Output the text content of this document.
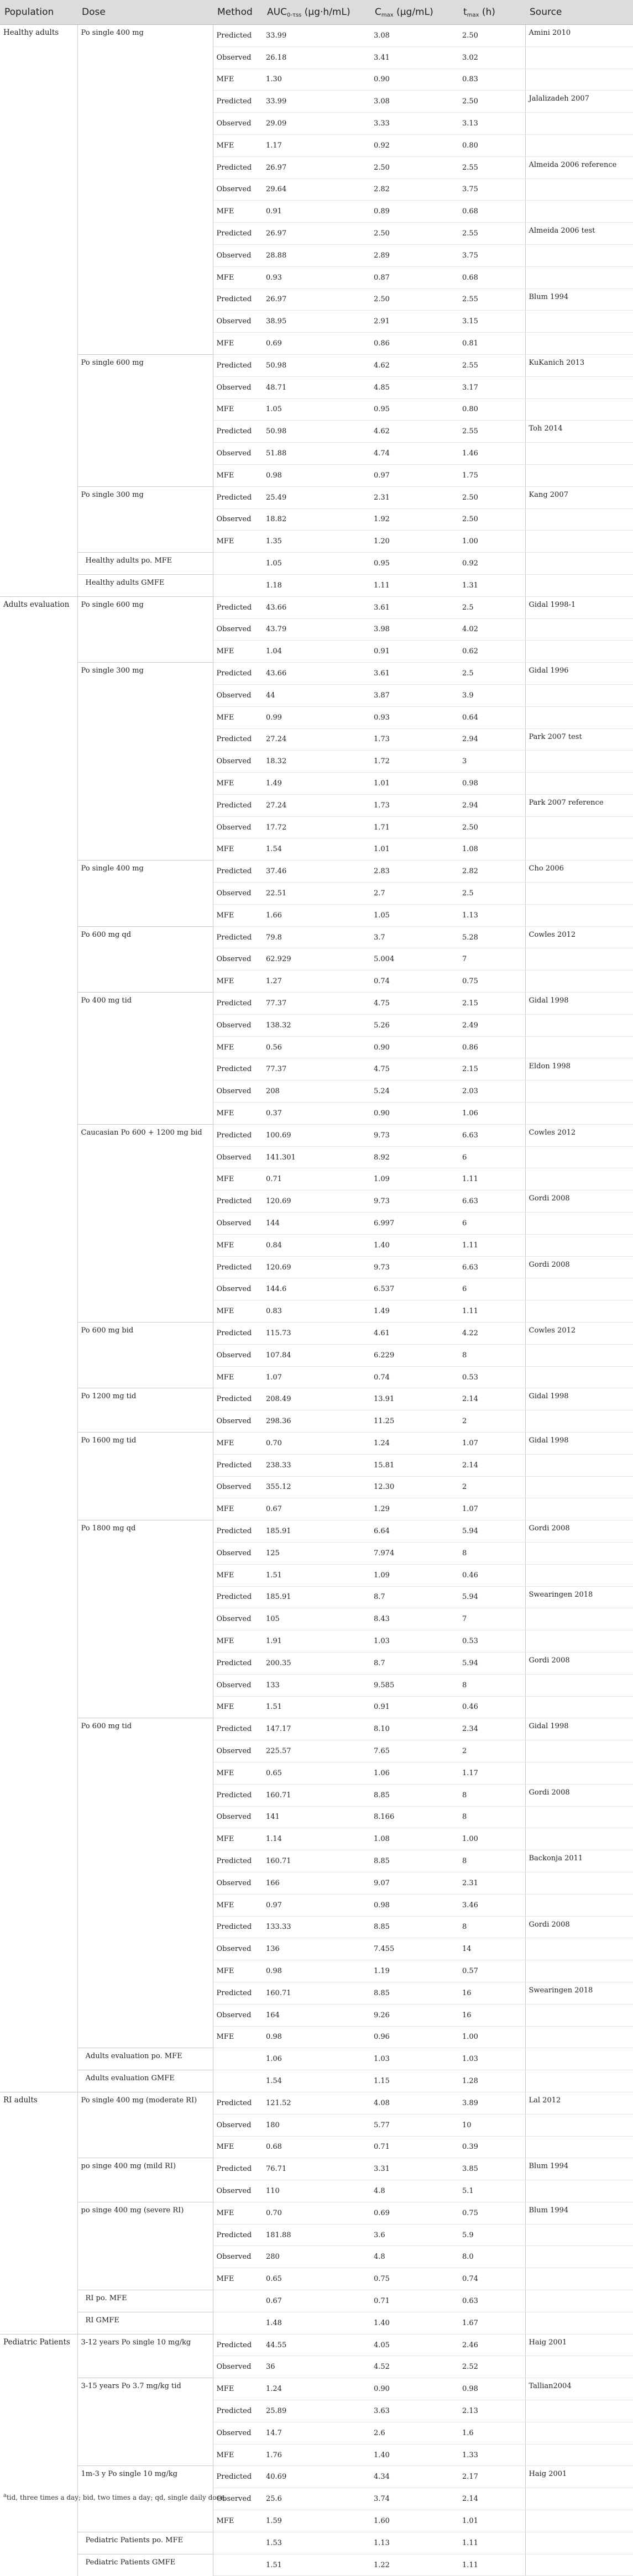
Population	Dose	Method	$AUC_{0-\tau ss}$ (μg·h/mL)	$C_{max}$ (μg/mL)	$t_{max}$ (h)	Source
Healthy adults	Po single 400 mg	Predicted	33.99	3.08	2.50	Amini 2010
		Observed	26.18	3.41	3.02	
		MFE	1.30	0.90	0.83	
		Predicted	33.99	3.08	2.50	Jalalizadeh 2007
		Observed	29.09	3.33	3.13	
		MFE	1.17	0.92	0.80	
		Predicted	26.97	2.50	2.55	Almeida 2006 reference
		Observed	29.64	2.82	3.75	
		MFE	0.91	0.89	0.68	
		Predicted	26.97	2.50	2.55	Almeida 2006 test
		Observed	28.88	2.89	3.75	
		MFE	0.93	0.87	0.68	
		Predicted	26.97	2.50	2.55	Blum 1994
		Observed	38.95	2.91	3.15	
		MFE	0.69	0.86	0.81	
	Po single 600 mg	Predicted	50.98	4.62	2.55	KuKanich 2013
		Observed	48.71	4.85	3.17	
		MFE	1.05	0.95	0.80	
		Predicted	50.98	4.62	2.55	Toh 2014
		Observed	51.88	4.74	1.46	
		MFE	0.98	0.97	1.75	
	Po single 300 mg	Predicted	25.49	2.31	2.50	Kang 2007
		Observed	18.82	1.92	2.50	
		MFE	1.35	1.20	1.00	
	Healthy adults po. MFE		1.05	0.95	0.92	
	Healthy adults GMFE		1.18	1.11	1.31	
Adults evaluation	Po single 600 mg	Predicted	43.66	3.61	2.5	Gidal 1998-1
		Observed	43.79	3.98	4.02	
		MFE	1.04	0.91	0.62	
	Po single 300 mg	Predicted	43.66	3.61	2.5	Gidal 1996
		Observed	44	3.87	3.9	
		MFE	0.99	0.93	0.64	
		Predicted	27.24	1.73	2.94	Park 2007 test
		Observed	18.32	1.72	3	
		MFE	1.49	1.01	0.98	
		Predicted	27.24	1.73	2.94	Park 2007 reference
		Observed	17.72	1.71	2.50	
		MFE	1.54	1.01	1.08	
	Po single 400 mg	Predicted	37.46	2.83	2.82	Cho 2006
		Observed	22.51	2.7	2.5	
		MFE	1.66	1.05	1.13	
	Po 600 mg qd	Predicted	79.8	3.7	5.28	Cowles 2012
		Observed	62.929	5.004	7	
		MFE	1.27	0.74	0.75	
	Po 400 mg tid	Predicted	77.37	4.75	2.15	Gidal 1998
		Observed	138.32	5.26	2.49	
		MFE	0.56	0.90	0.86	
		Predicted	77.37	4.75	2.15	Eldon 1998
		Observed	208	5.24	2.03	
		MFE	0.37	0.90	1.06	
	Caucasian Po 600 + 1200 mg bid	Predicted	100.69	9.73	6.63	Cowles 2012
		Observed	141.301	8.92	6	
		MFE	0.71	1.09	1.11	
		Predicted	120.69	9.73	6.63	Gordi 2008
		Observed	144	6.997	6	
		MFE	0.84	1.40	1.11	
		Predicted	120.69	9.73	6.63	Gordi 2008
		Observed	144.6	6.537	6	
		MFE	0.83	1.49	1.11	
	Po 600 mg bid	Predicted	115.73	4.61	4.22	Cowles 2012
		Observed	107.84	6.229	8	
		MFE	1.07	0.74	0.53	
	Po 1200 mg tid	Predicted	208.49	13.91	2.14	Gidal 1998
		Observed	298.36	11.25	2	
	Po 1600 mg tid	MFE	0.70	1.24	1.07	Gidal 1998
		Predicted	238.33	15.81	2.14	
		Observed	355.12	12.30	2	
		MFE	0.67	1.29	1.07	
	Po 1800 mg qd	Predicted	185.91	6.64	5.94	Gordi 2008
		Observed	125	7.974	8	
		MFE	1.51	1.09	0.46	
		Predicted	185.91	8.7	5.94	Swearingen 2018
		Observed	105	8.43	7	
		MFE	1.91	1.03	0.53	
		Predicted	200.35	8.7	5.94	Gordi 2008
		Observed	133	9.585	8	
		MFE	1.51	0.91	0.46	
	Po 600 mg tid	Predicted	147.17	8.10	2.34	Gidal 1998
		Observed	225.57	7.65	2	
		MFE	0.65	1.06	1.17	
		Predicted	160.71	8.85	8	Gordi 2008
		Observed	141	8.166	8	
		MFE	1.14	1.08	1.00	
		Predicted	160.71	8.85	8	Backonja 2011
		Observed	166	9.07	2.31	
		MFE	0.97	0.98	3.46	
		Predicted	133.33	8.85	8	Gordi 2008
		Observed	136	7.455	14	
		MFE	0.98	1.19	0.57	
		Predicted	160.71	8.85	16	Swearingen 2018
		Observed	164	9.26	16	
		MFE	0.98	0.96	1.00	
	Adults evaluation po. MFE		1.06	1.03	1.03	
	Adults evaluation GMFE		1.54	1.15	1.28	
RI adults	Po single 400 mg (moderate RI)	Predicted	121.52	4.08	3.89	Lal 2012
		Observed	180	5.77	10	
		MFE	0.68	0.71	0.39	
	po singe 400 mg (mild RI)	Predicted	76.71	3.31	3.85	Blum 1994
		Observed	110	4.8	5.1	
	po singe 400 mg (severe RI)	MFE	0.70	0.69	0.75	Blum 1994
		Predicted	181.88	3.6	5.9	
		Observed	280	4.8	8.0	
		MFE	0.65	0.75	0.74	
	RI po. MFE		0.67	0.71	0.63	
	RI GMFE		1.48	1.40	1.67	
Pediatric Patients	3-12 years Po single 10 mg/kg	Predicted	44.55	4.05	2.46	Haig 2001
		Observed	36	4.52	2.52	
	3-15 years Po 3.7 mg/kg tid	MFE	1.24	0.90	0.98	Tallian2004
		Predicted	25.89	3.63	2.13	
		Observed	14.7	2.6	1.6	
		MFE	1.76	1.40	1.33	
	1m-3 y Po single 10 mg/kg	Predicted	40.69	4.34	2.17	Haig 2001
		Observed	25.6	3.74	2.14	
		MFE	1.59	1.60	1.01	
	Pediatric Patients po. MFE		1.53	1.13	1.11	
	Pediatric Patients GMFE		1.51	1.22	1.11	
$^a$tid, three times a day; bid, two times a day; qd, single daily dose.
